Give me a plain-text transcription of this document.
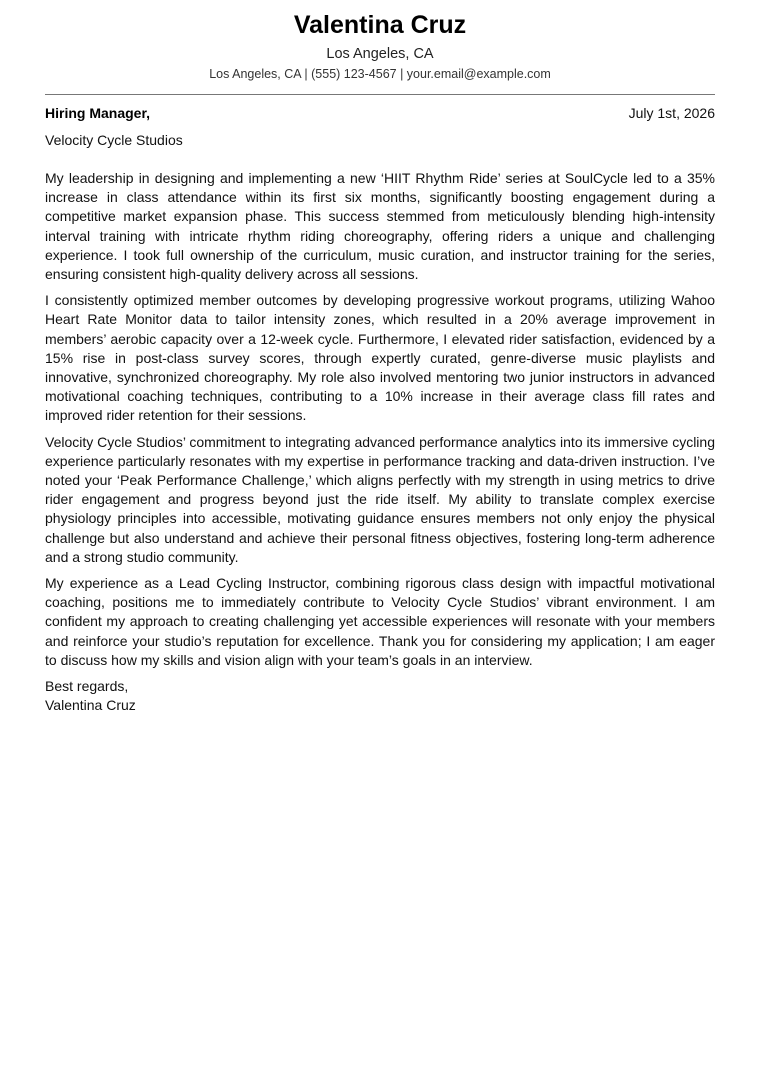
Valentina Cruz
Los Angeles, CA
Los Angeles, CA | (555) 123-4567 | your.email@example.com
Hiring Manager,	July 1st, 2026
Velocity Cycle Studios

My leadership in designing and implementing a new ‘HIIT Rhythm Ride’ series at SoulCycle led to a 35% increase in class attendance within its first six months, significantly boosting engagement during a competitive market expansion phase. This success stemmed from meticulously blending high-intensity interval training with intricate rhythm riding choreography, offering riders a unique and challenging experience. I took full ownership of the curriculum, music curation, and instructor training for the series, ensuring consistent high-quality delivery across all sessions.

I consistently optimized member outcomes by developing progressive workout programs, utilizing Wahoo Heart Rate Monitor data to tailor intensity zones, which resulted in a 20% average improvement in members’ aerobic capacity over a 12-week cycle. Furthermore, I elevated rider satisfaction, evidenced by a 15% rise in post-class survey scores, through expertly curated, genre-diverse music playlists and innovative, synchronized choreography. My role also involved mentoring two junior instructors in advanced motivational coaching techniques, contributing to a 10% increase in their average class fill rates and improved rider retention for their sessions.

Velocity Cycle Studios’ commitment to integrating advanced performance analytics into its immersive cycling experience particularly resonates with my expertise in performance tracking and data-driven instruction. I’ve noted your ‘Peak Performance Challenge,’ which aligns perfectly with my strength in using metrics to drive rider engagement and progress beyond just the ride itself. My ability to translate complex exercise physiology principles into accessible, motivating guidance ensures members not only enjoy the physical challenge but also understand and achieve their personal fitness objectives, fostering long-term adherence and a strong studio community.

My experience as a Lead Cycling Instructor, combining rigorous class design with impactful motivational coaching, positions me to immediately contribute to Velocity Cycle Studios’ vibrant environment. I am confident my approach to creating challenging yet accessible experiences will resonate with your members and reinforce your studio’s reputation for excellence. Thank you for considering my application; I am eager to discuss how my skills and vision align with your team’s goals in an interview.

Best regards,
Valentina Cruz
